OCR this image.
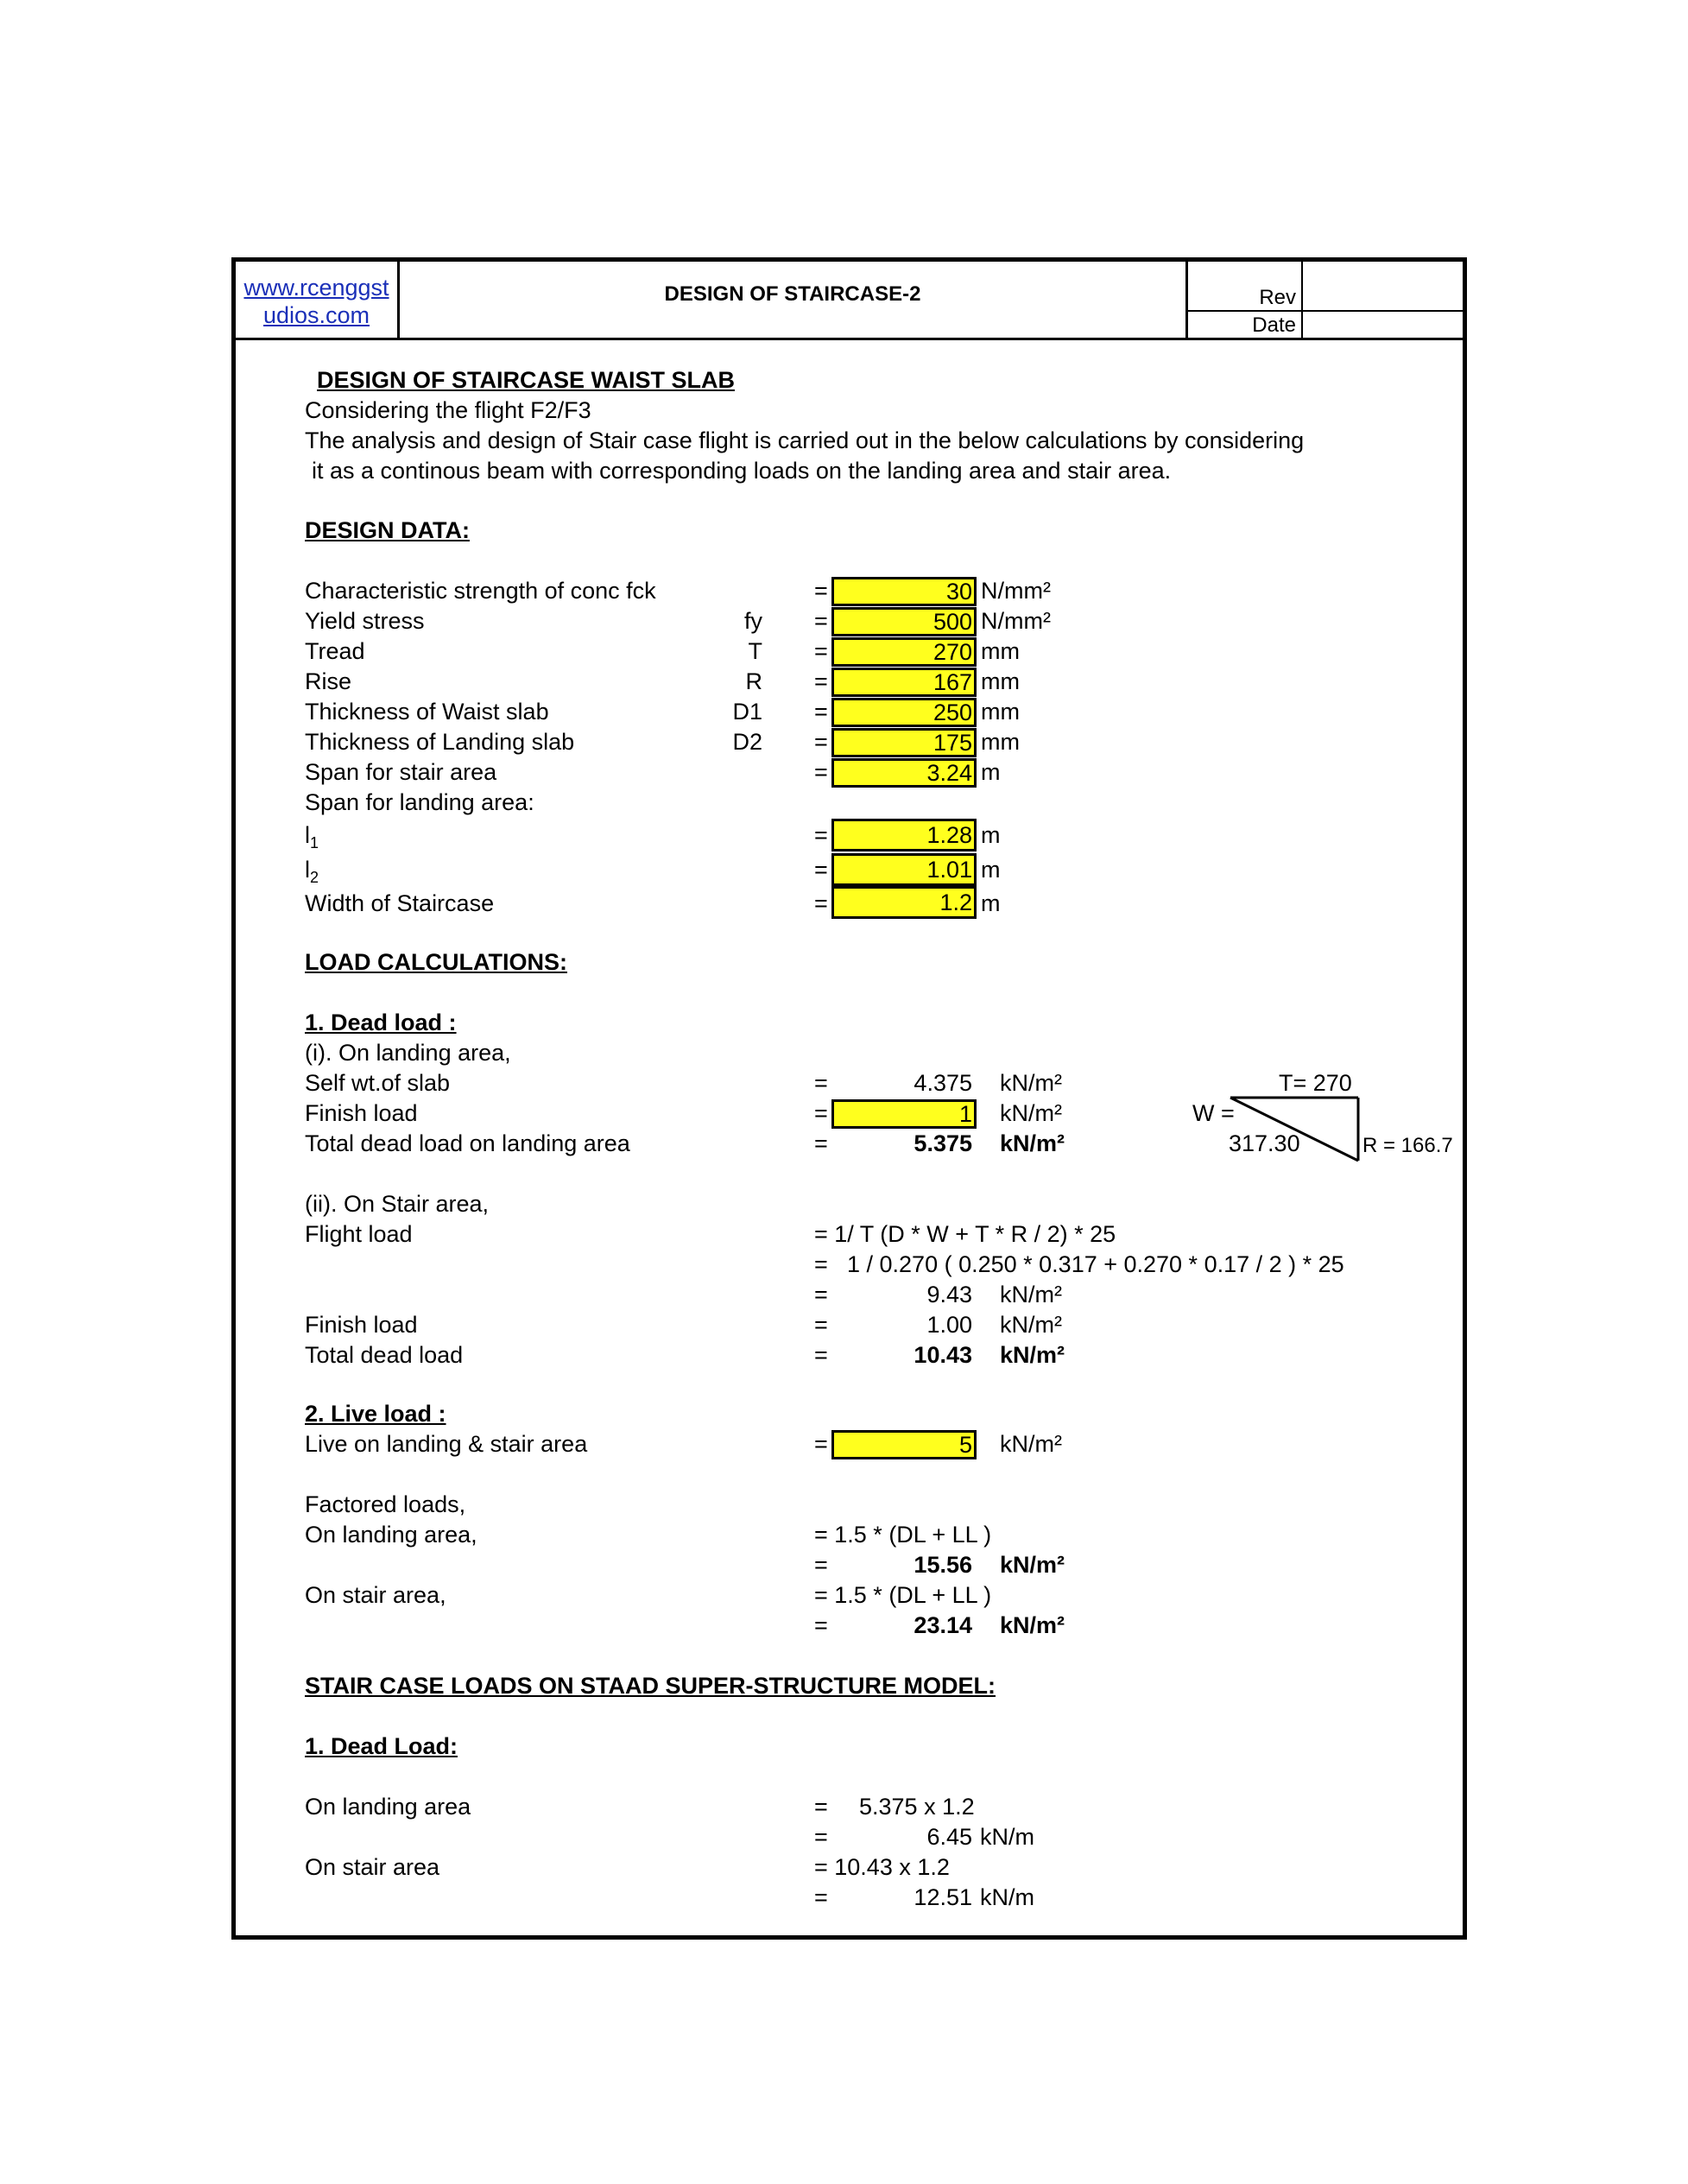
www.rcenggst
udios.com
DESIGN OF STAIRCASE-2	Rev
Date
DESIGN OF STAIRCASE WAIST SLAB
Considering the flight F2/F3
The analysis and design of Stair case flight is carried out in the below calculations by considering
it as a continous beam with corresponding loads on the landing area and stair area.
DESIGN DATA:
Characteristic strength of conc fck	=	30 N/mm²
Yield stress	fy =	500 N/mm²
Tread	T =	270 mm
Rise	R =	167 mm
Thickness of Waist slab	D1 =	250 mm
Thickness of Landing slab	D2 =	175 mm
Span for stair area	=	3.24 m
Span for landing area:
$l_1$	=	1.28 m
$l_2$	=	1.01 m
Width of Staircase	=	1.2 m
LOAD CALCULATIONS:
1. Dead load :
(i). On landing area,
Self wt.of slab	=	4.375 kN/m²
Finish load	=	1 kN/m²
Total dead load on landing area	=	5.375 kN/m²
T= 270
W =
317.30	R = 166.7
(ii). On Stair area,
Flight load	= 1/ T (D * W + T * R / 2) * 25
= 1 / 0.270 ( 0.250 * 0.317 + 0.270 * 0.17 / 2 ) * 25
=	9.43 kN/m²
Finish load	=	1.00 kN/m²
Total dead load	=	10.43 kN/m²
2. Live load :
Live on landing & stair area	=	5 kN/m²
Factored loads,
On landing area,	= 1.5 * (DL + LL )
=	15.56 kN/m²
On stair area,	= 1.5 * (DL + LL )
=	23.14 kN/m²
STAIR CASE LOADS ON STAAD SUPER-STRUCTURE MODEL:
1. Dead Load:
On landing area	= 5.375 x 1.2
=	6.45 kN/m
On stair area	= 10.43 x 1.2
=	12.51 kN/m
